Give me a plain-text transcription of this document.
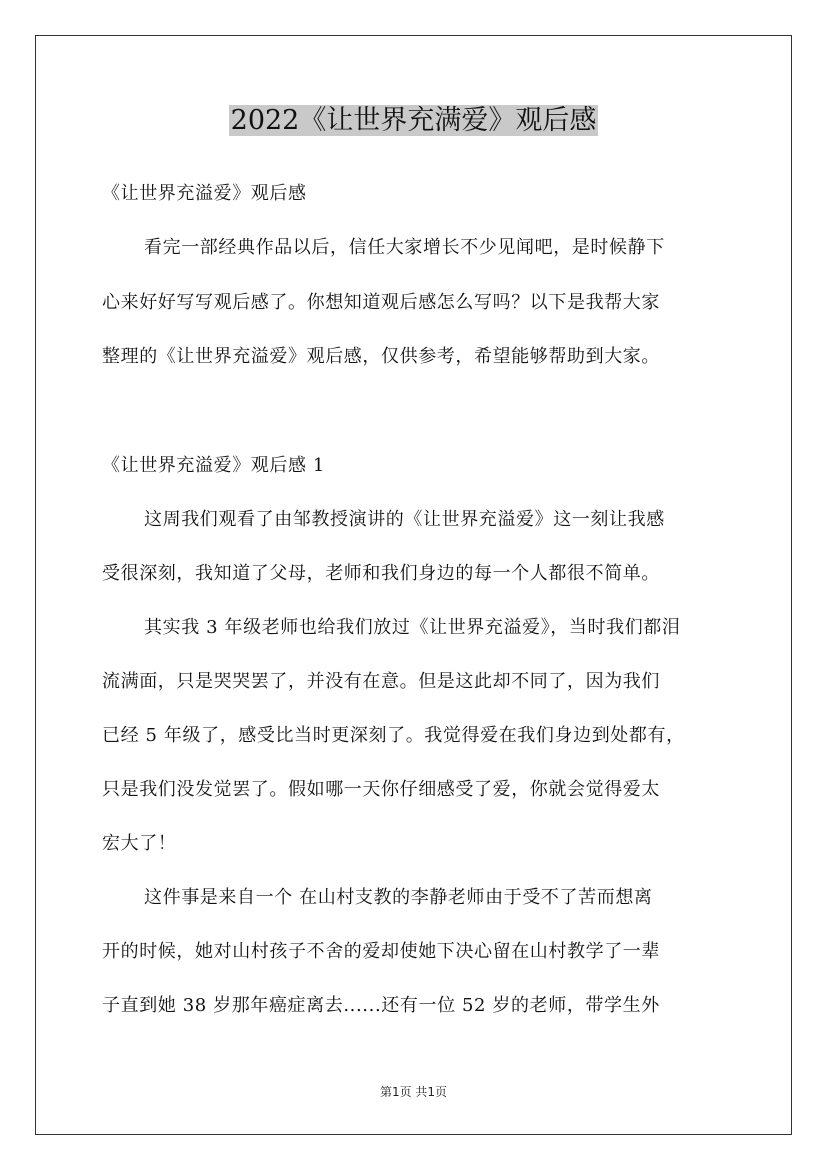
2022《让世界充满爱》观后感
《让世界充溢爱》观后感
看完一部经典作品以后，信任大家增长不少见闻吧，是时候静下
心来好好写写观后感了。你想知道观后感怎么写吗？以下是我帮大家
整理的《让世界充溢爱》观后感，仅供参考，希望能够帮助到大家。
《让世界充溢爱》观后感 1
这周我们观看了由邹教授演讲的《让世界充溢爱》这一刻让我感
受很深刻，我知道了父母，老师和我们身边的每一个人都很不简单。
其实我 3 年级老师也给我们放过《让世界充溢爱》，当时我们都泪
流满面，只是哭哭罢了，并没有在意。但是这此却不同了，因为我们
已经 5 年级了，感受比当时更深刻了。我觉得爱在我们身边到处都有，
只是我们没发觉罢了。假如哪一天你仔细感受了爱，你就会觉得爱太
宏大了！
这件事是来自一个 在山村支教的李静老师由于受不了苦而想离
开的时候，她对山村孩子不舍的爱却使她下决心留在山村教学了一辈
子直到她 38 岁那年癌症离去......还有一位 52 岁的老师，带学生外
第1页 共1页
